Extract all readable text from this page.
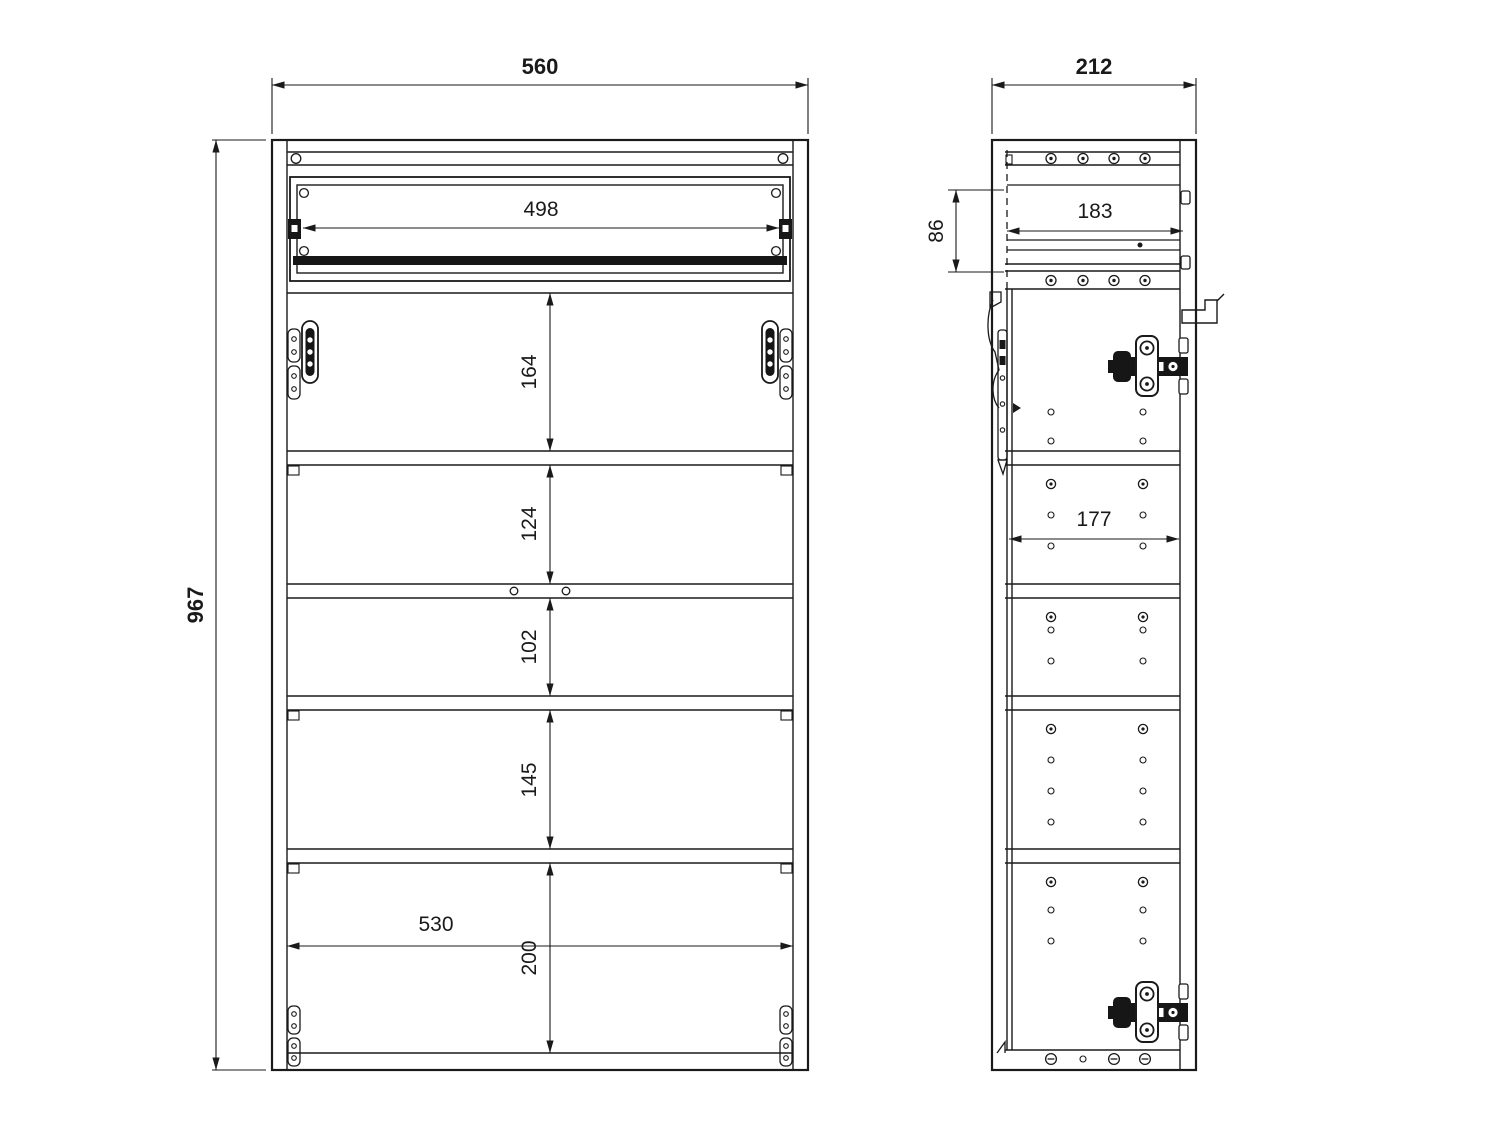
560
967
498
164
124
102
145
200
530
212
86
183
177
